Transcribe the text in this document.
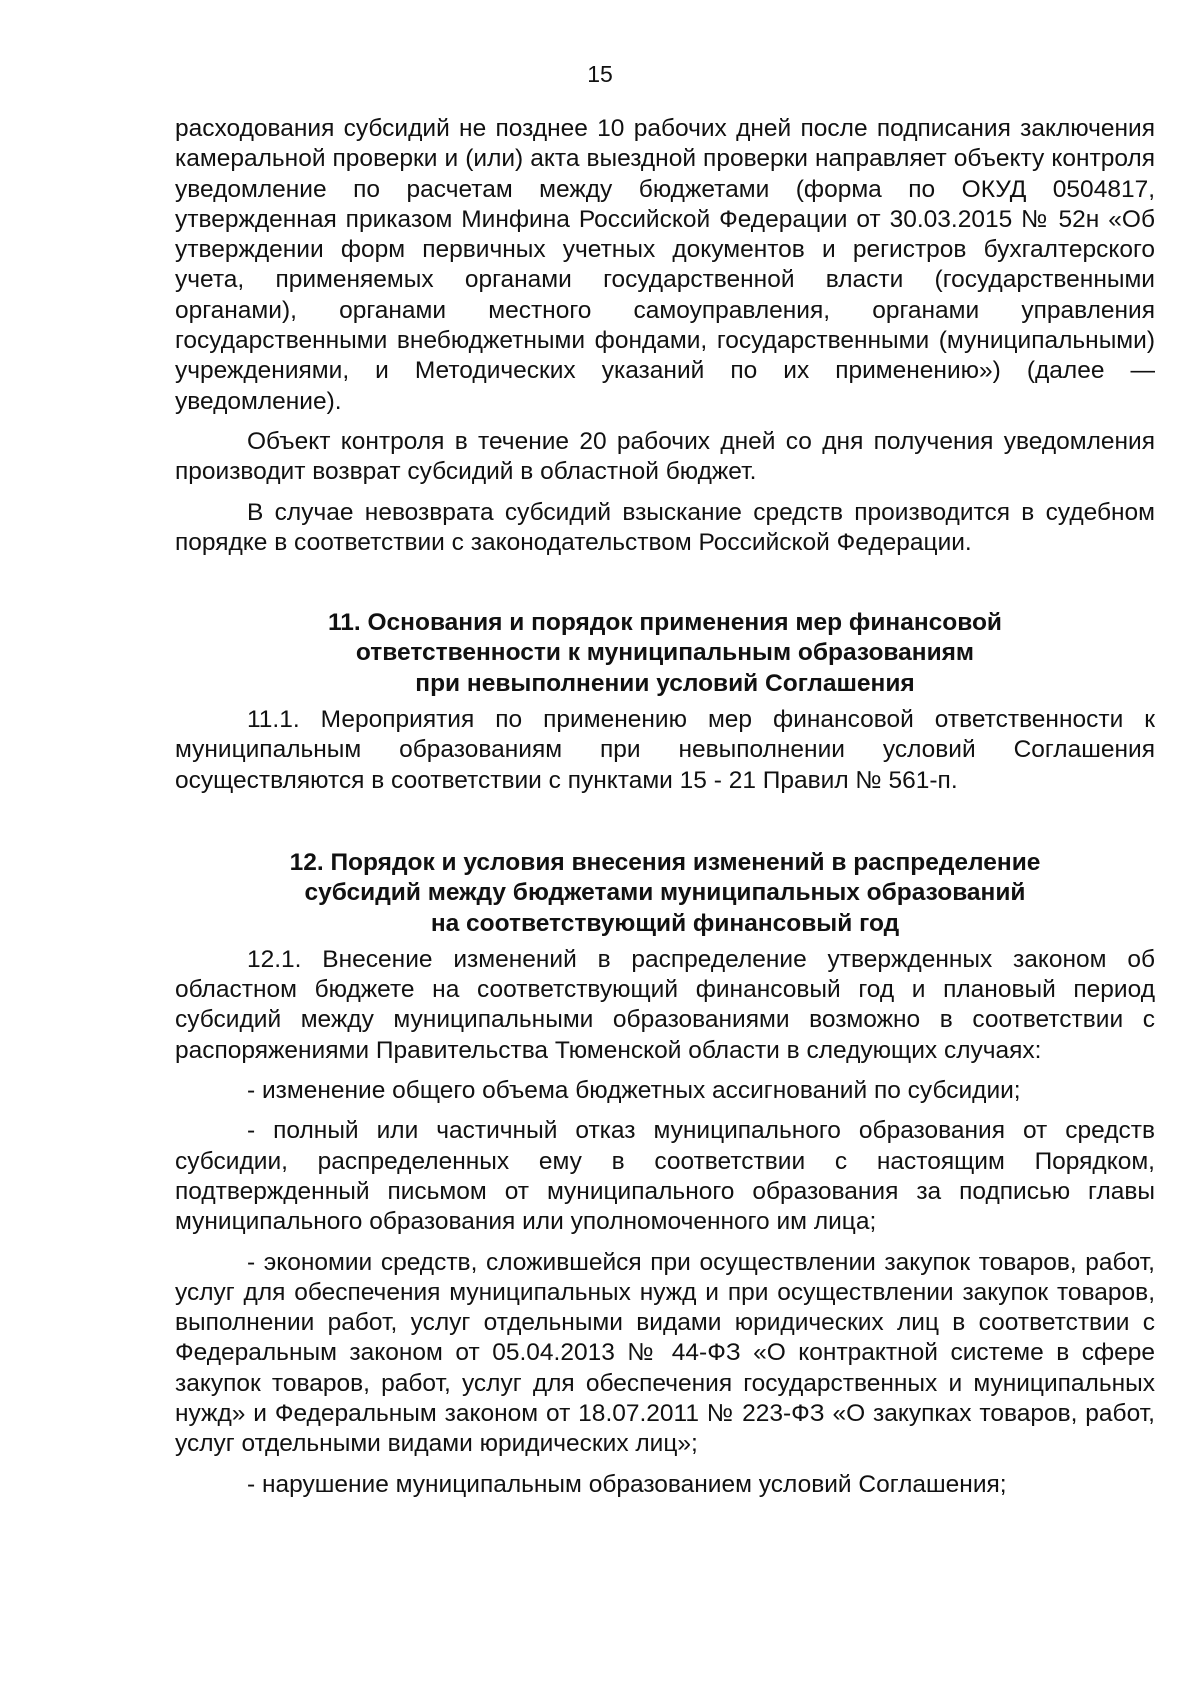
15

расходования субсидий не позднее 10 рабочих дней после подписания заключения камеральной проверки и (или) акта выездной проверки направляет объекту контроля уведомление по расчетам между бюджетами (форма по ОКУД 0504817, утвержденная приказом Минфина Российской Федерации от 30.03.2015 № 52н «Об утверждении форм первичных учетных документов и регистров бухгалтерского учета, применяемых органами государственной власти (государственными органами), органами местного самоуправления, органами управления государственными внебюджетными фондами, государственными (муниципальными) учреждениями, и Методических указаний по их применению») (далее — уведомление).

Объект контроля в течение 20 рабочих дней со дня получения уведомления производит возврат субсидий в областной бюджет.

В случае невозврата субсидий взыскание средств производится в судебном порядке в соответствии с законодательством Российской Федерации.

11. Основания и порядок применения мер финансовой
ответственности к муниципальным образованиям
при невыполнении условий Соглашения

11.1. Мероприятия по применению мер финансовой ответственности к муниципальным образованиям при невыполнении условий Соглашения осуществляются в соответствии с пунктами 15 - 21 Правил № 561-п.

12. Порядок и условия внесения изменений в распределение
субсидий между бюджетами муниципальных образований
на соответствующий финансовый год

12.1. Внесение изменений в распределение утвержденных законом об областном бюджете на соответствующий финансовый год и плановый период субсидий между муниципальными образованиями возможно в соответствии с распоряжениями Правительства Тюменской области в следующих случаях:

- изменение общего объема бюджетных ассигнований по субсидии;

- полный или частичный отказ муниципального образования от средств субсидии, распределенных ему в соответствии с настоящим Порядком, подтвержденный письмом от муниципального образования за подписью главы муниципального образования или уполномоченного им лица;

- экономии средств, сложившейся при осуществлении закупок товаров, работ, услуг для обеспечения муниципальных нужд и при осуществлении закупок товаров, выполнении работ, услуг отдельными видами юридических лиц в соответствии с Федеральным законом от 05.04.2013 № 44-ФЗ «О контрактной системе в сфере закупок товаров, работ, услуг для обеспечения государственных и муниципальных нужд» и Федеральным законом от 18.07.2011 № 223-ФЗ «О закупках товаров, работ, услуг отдельными видами юридических лиц»;

- нарушение муниципальным образованием условий Соглашения;
